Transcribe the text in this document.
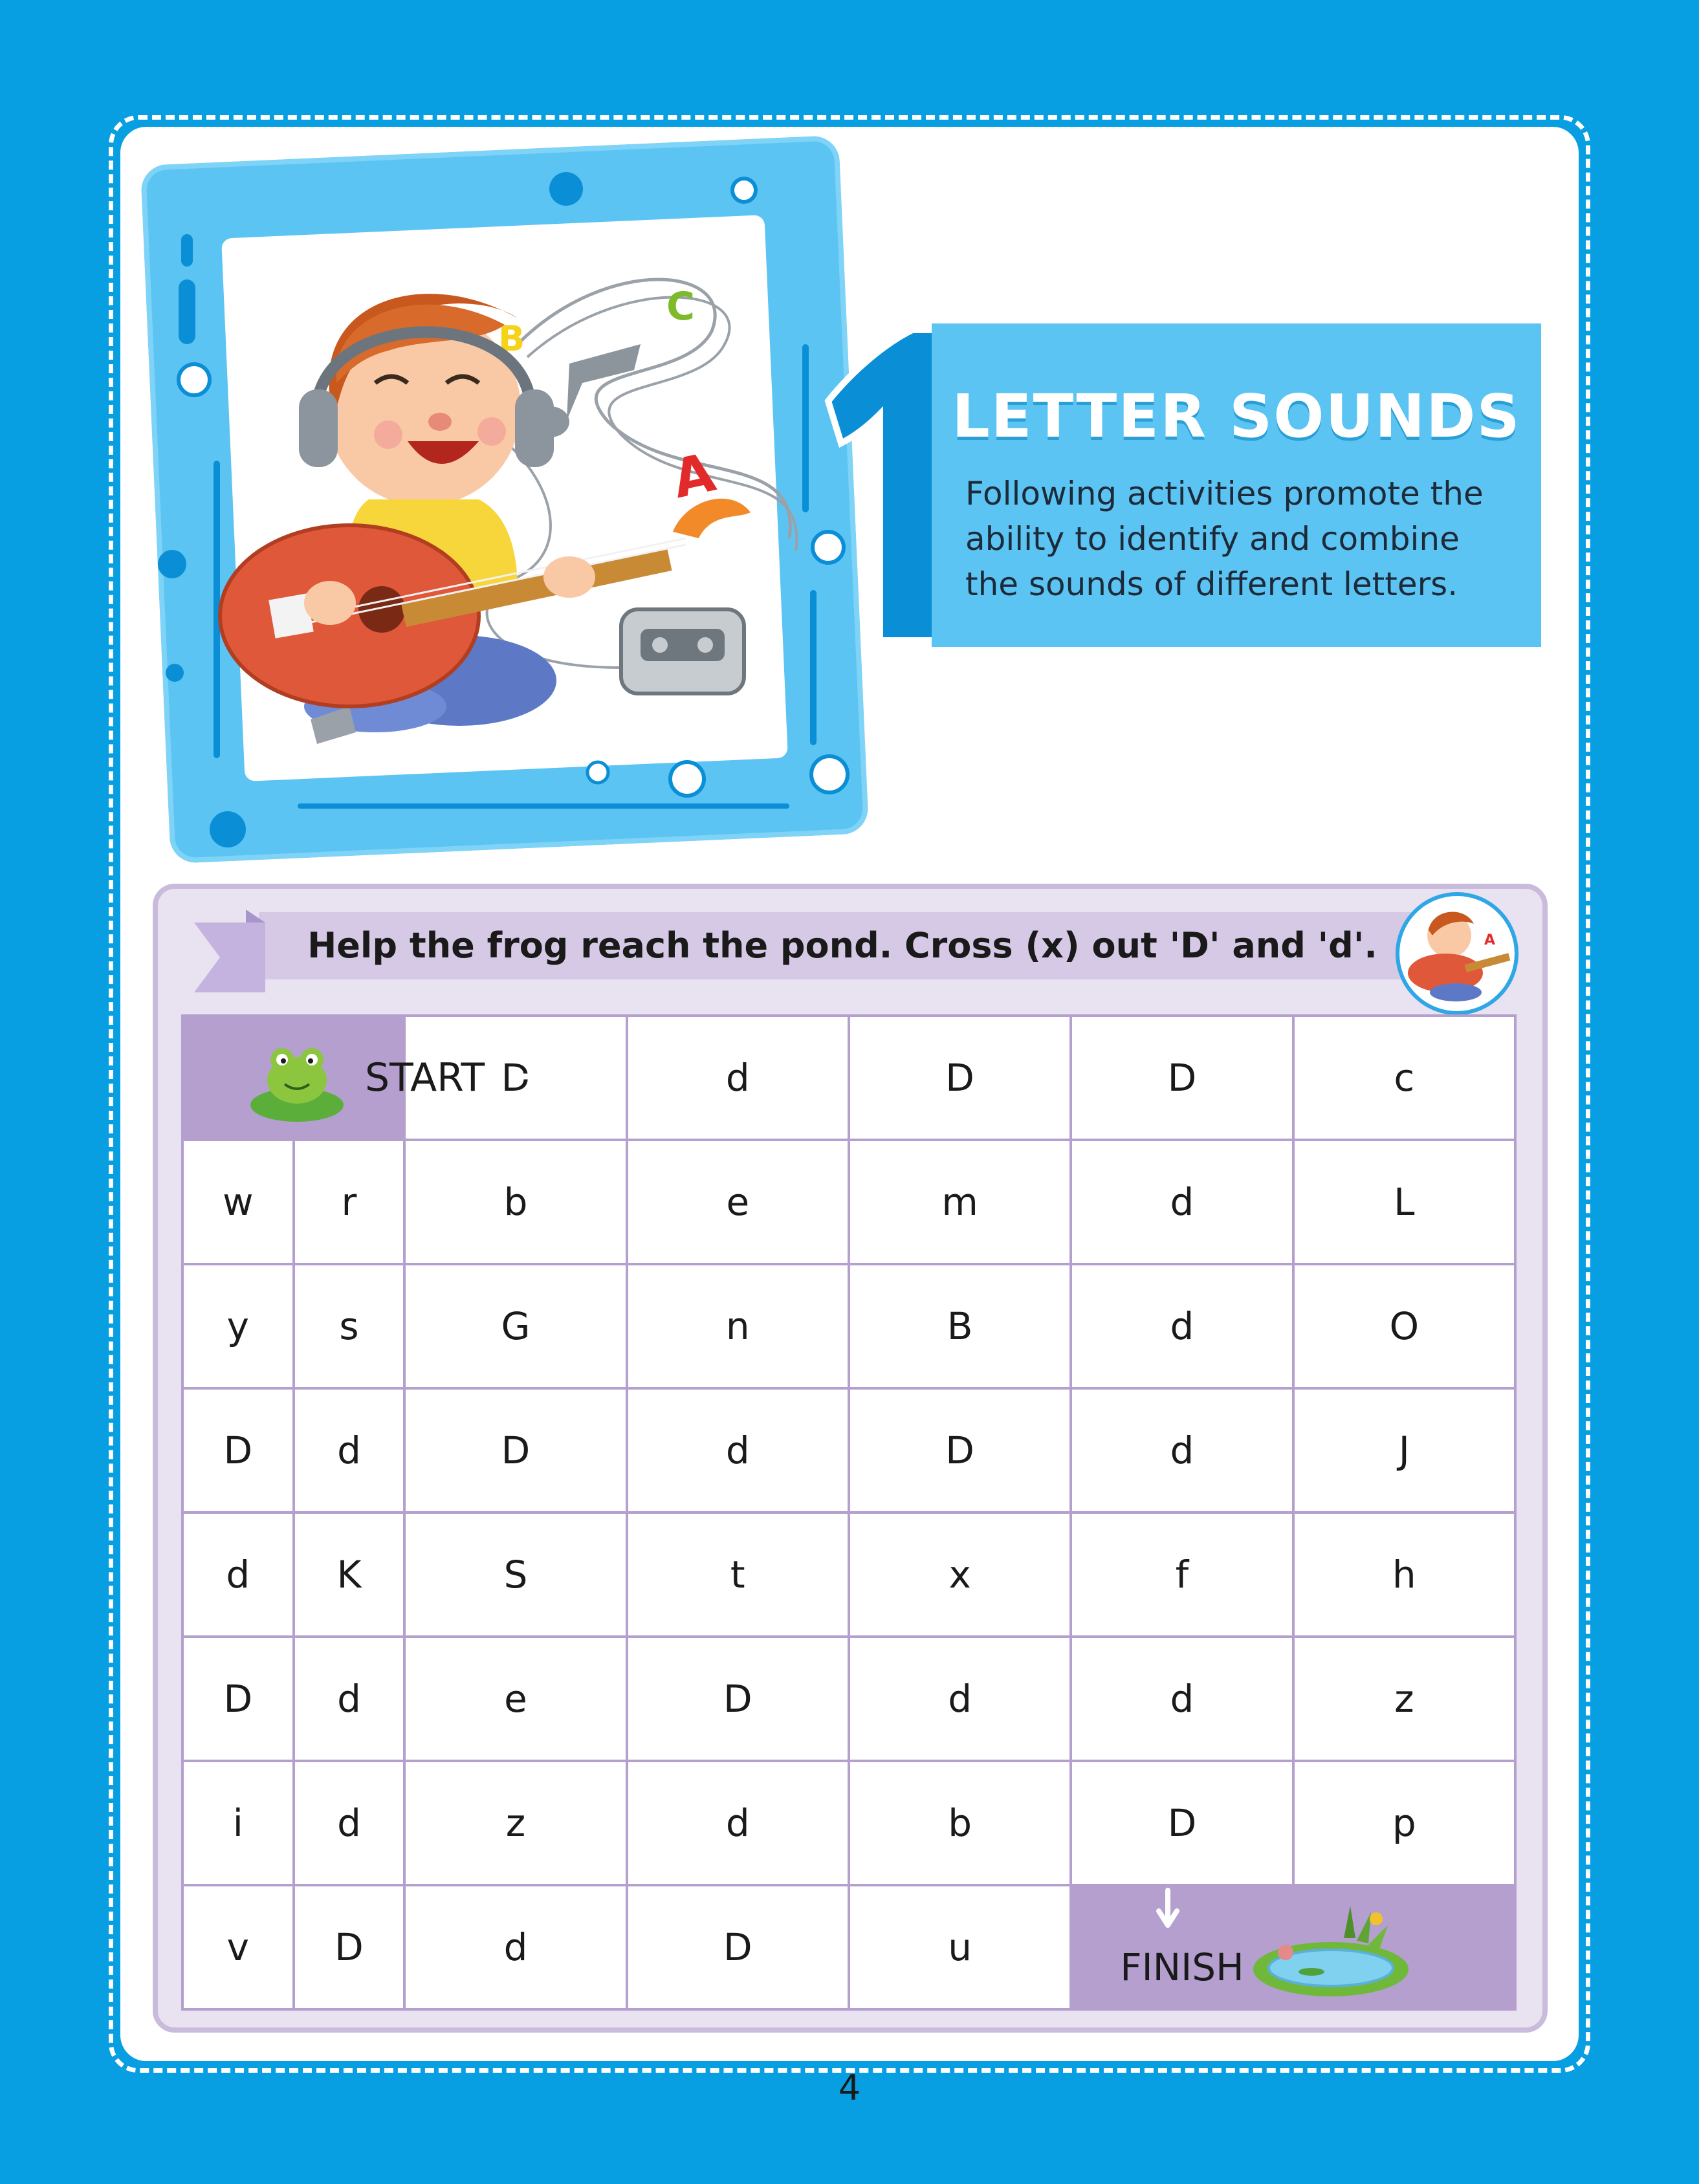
B
C
A
LETTER SOUNDS
Following activities promote the ability to identify and combine the sounds of different letters.
Help the frog reach the pond. Cross (x) out 'D' and 'd'.	A
START		D	d	D	D	c
w	r	b	e	m	d	L
y	s	G	n	B	d	O
D	d	D	d	D	d	J
d	K	S	t	x	f	h
D	d	e	D	d	d	z
i	d	z	d	b	D	p
v	D	d	D	u	FINISH	
4
